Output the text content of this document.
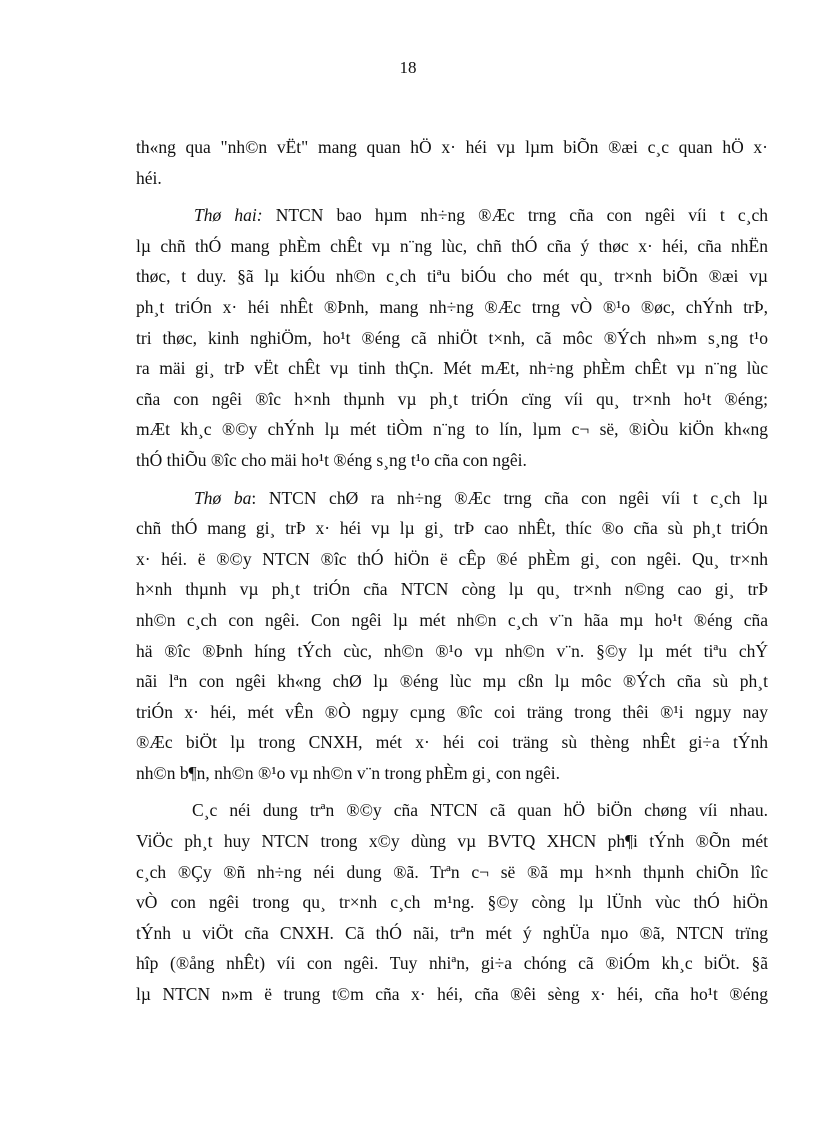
18
th«ng qua "nh©n vËt" mang quan hÖ x· héi vµ lµm biÕn ®æi c¸c quan hÖ x·
héi.
Thø hai: NTCN bao hµm nh÷ng ®Æc trng cña con ngêi víi t c¸ch
lµ chñ thÓ mang phÈm chÊt vµ n¨ng lùc, chñ thÓ cña ý thøc x· héi, cña nhËn
thøc, t duy. §ã lµ kiÓu nh©n c¸ch tiªu biÓu cho mét qu¸ tr×nh biÕn ®æi vµ
ph¸t triÓn x· héi nhÊt ®Þnh, mang nh÷ng ®Æc trng vÒ ®¹o ®øc, chÝnh trÞ,
tri thøc, kinh nghiÖm, ho¹t ®éng cã nhiÖt t×nh, cã môc ®Ých nh»m s¸ng t¹o
ra mäi gi¸ trÞ vËt chÊt vµ tinh thÇn. Mét mÆt, nh÷ng phÈm chÊt vµ n¨ng lùc
cña con ngêi ®îc h×nh thµnh vµ ph¸t triÓn cïng víi qu¸ tr×nh ho¹t ®éng;
mÆt kh¸c ®©y chÝnh lµ mét tiÒm n¨ng to lín, lµm c¬ së, ®iÒu kiÖn kh«ng
thÓ thiÕu ®îc cho mäi ho¹t ®éng s¸ng t¹o cña con ngêi.
Thø ba: NTCN chØ ra nh÷ng ®Æc trng cña con ngêi víi t c¸ch lµ
chñ thÓ mang gi¸ trÞ x· héi vµ lµ gi¸ trÞ cao nhÊt, thíc ®o cña sù ph¸t triÓn
x· héi. ë ®©y NTCN ®îc thÓ hiÖn ë cÊp ®é phÈm gi¸ con ngêi. Qu¸ tr×nh
h×nh thµnh vµ ph¸t triÓn cña NTCN còng lµ qu¸ tr×nh n©ng cao gi¸ trÞ
nh©n c¸ch con ngêi. Con ngêi lµ mét nh©n c¸ch v¨n hãa mµ ho¹t ®éng cña
hä ®îc ®Þnh híng tÝch cùc, nh©n ®¹o vµ nh©n v¨n. §©y lµ mét tiªu chÝ
nãi lªn con ngêi kh«ng chØ lµ ®éng lùc mµ cßn lµ môc ®Ých cña sù ph¸t
triÓn x· héi, mét vÊn ®Ò ngµy cµng ®îc coi träng trong thêi ®¹i ngµy nay
®Æc biÖt lµ trong CNXH, mét x· héi coi träng sù thèng nhÊt gi÷a tÝnh
nh©n b¶n, nh©n ®¹o vµ nh©n v¨n trong phÈm gi¸ con ngêi.
C¸c néi dung trªn ®©y cña NTCN cã quan hÖ biÖn chøng víi nhau.
ViÖc ph¸t huy NTCN trong x©y dùng vµ BVTQ XHCN ph¶i tÝnh ®Õn mét
c¸ch ®Çy ®ñ nh÷ng néi dung ®ã. Trªn c¬ së ®ã mµ h×nh thµnh chiÕn lîc
vÒ con ngêi trong qu¸ tr×nh c¸ch m¹ng. §©y còng lµ lÜnh vùc thÓ hiÖn
tÝnh u viÖt cña CNXH. Cã thÓ nãi, trªn mét ý nghÜa nµo ®ã, NTCN trïng
hîp (®ång nhÊt) víi con ngêi. Tuy nhiªn, gi÷a chóng cã ®iÓm kh¸c biÖt. §ã
lµ NTCN n»m ë trung t©m cña x· héi, cña ®êi sèng x· héi, cña ho¹t ®éng
